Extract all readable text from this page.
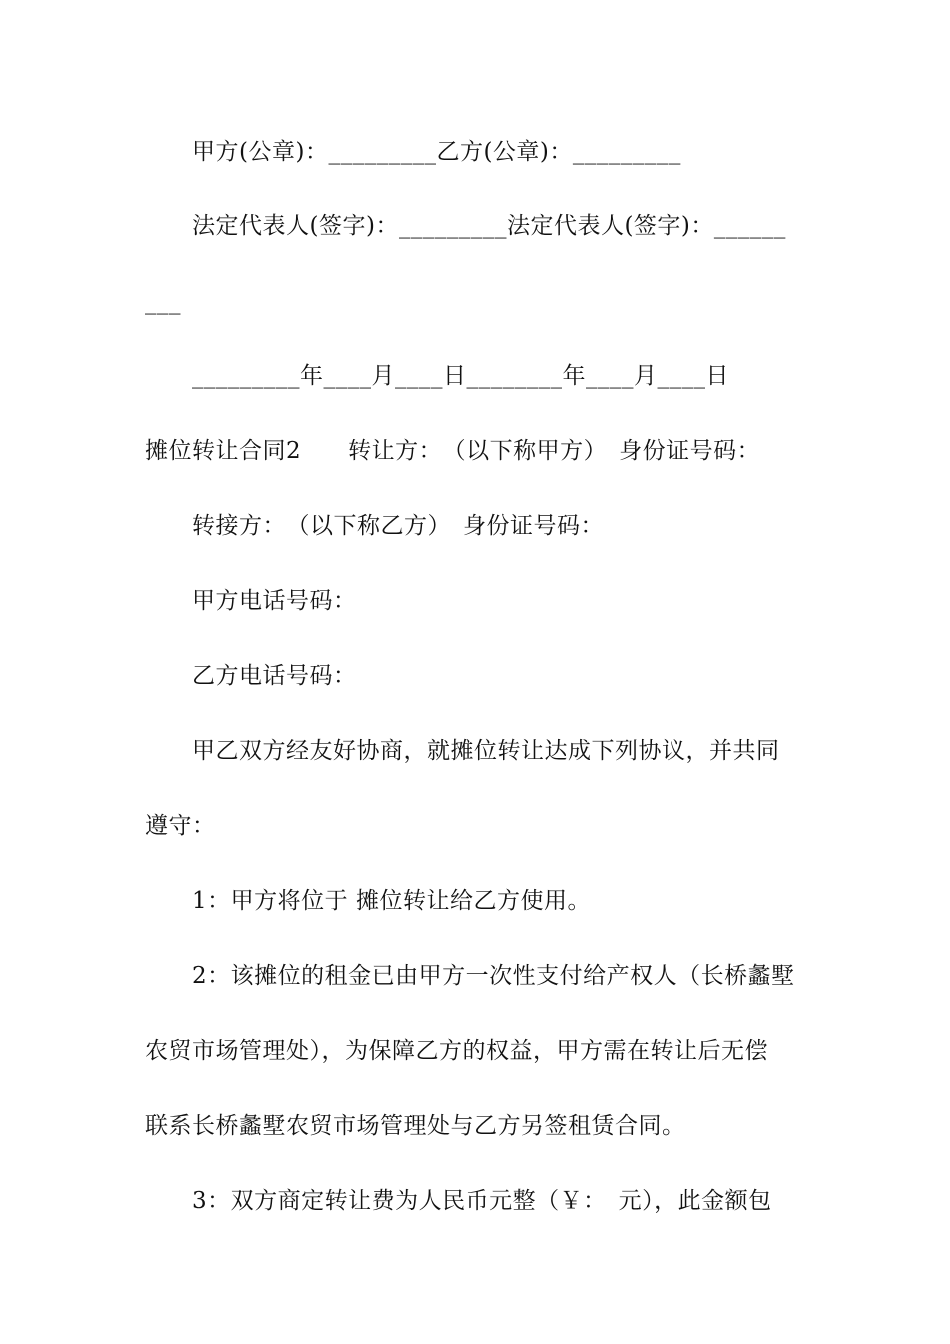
甲方(公章)：_________乙方(公章)：_________
法定代表人(签字)：_________法定代表人(签字)：______
___
_________年____月____日________年____月____日
摊位转让合同2　　转让方：　（以下称甲方）　身份证号码：
转接方：　（以下称乙方）　身份证号码：
甲方电话号码：
乙方电话号码：
甲乙双方经友好协商，就摊位转让达成下列协议，并共同
遵守：
1：甲方将位于 摊位转让给乙方使用。
2：该摊位的租金已由甲方一次性支付给产权人（长桥蠡墅
农贸市场管理处），为保障乙方的权益，甲方需在转让后无偿
联系长桥蠡墅农贸市场管理处与乙方另签租赁合同。
3：双方商定转让费为人民币元整（￥：　元），此金额包
